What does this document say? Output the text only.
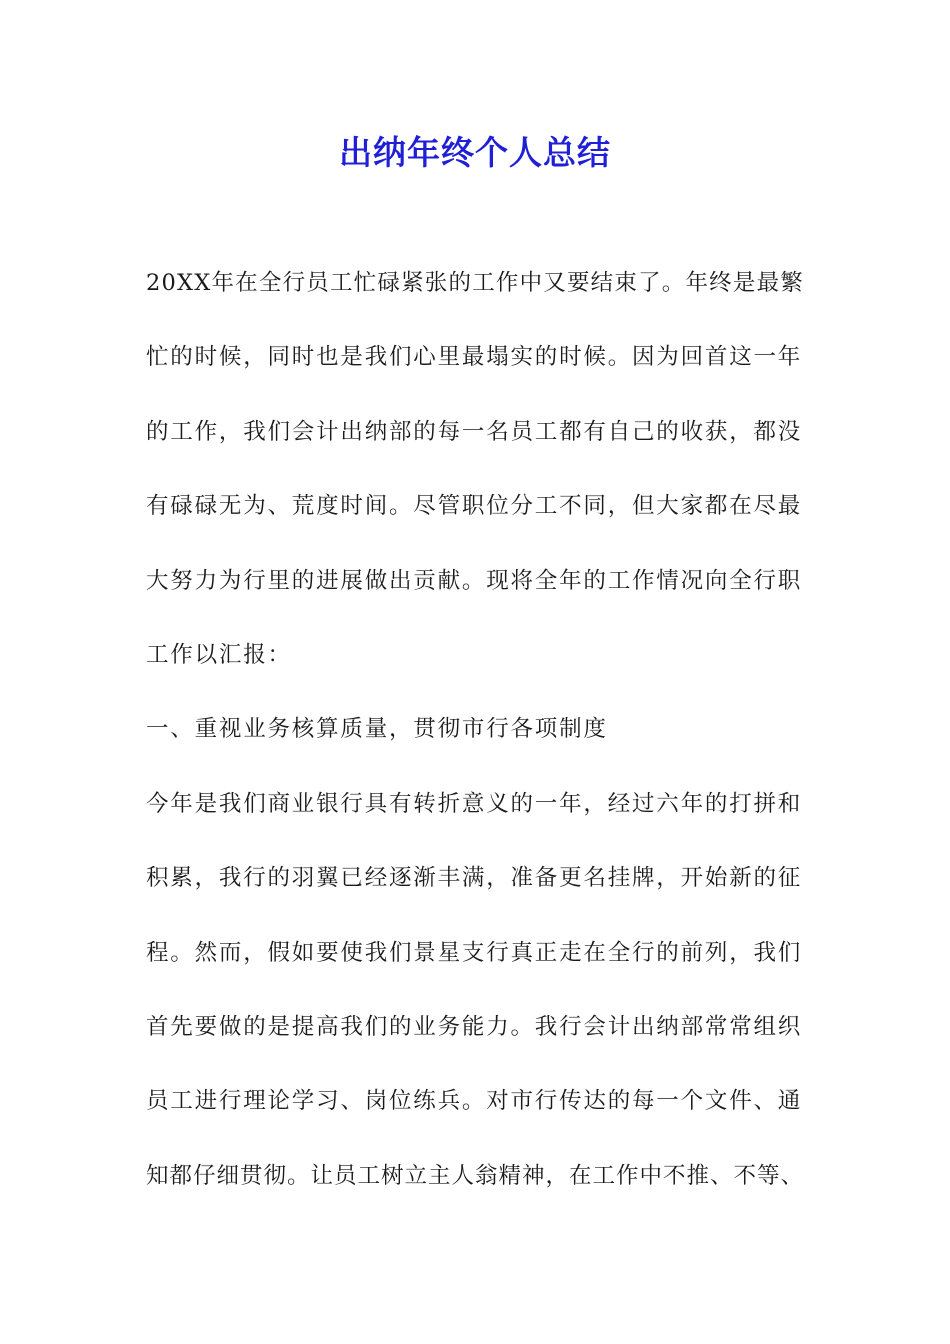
出纳年终个人总结
20XX年在全行员工忙碌紧张的工作中又要结束了。年终是最繁
忙的时候，同时也是我们心里最塌实的时候。因为回首这一年
的工作，我们会计出纳部的每一名员工都有自己的收获，都没
有碌碌无为、荒度时间。尽管职位分工不同，但大家都在尽最
大努力为行里的进展做出贡献。现将全年的工作情况向全行职
工作以汇报：
一、重视业务核算质量，贯彻市行各项制度
今年是我们商业银行具有转折意义的一年，经过六年的打拼和
积累，我行的羽翼已经逐渐丰满，准备更名挂牌，开始新的征
程。然而，假如要使我们景星支行真正走在全行的前列，我们
首先要做的是提高我们的业务能力。我行会计出纳部常常组织
员工进行理论学习、岗位练兵。对市行传达的每一个文件、通
知都仔细贯彻。让员工树立主人翁精神，在工作中不推、不等、
